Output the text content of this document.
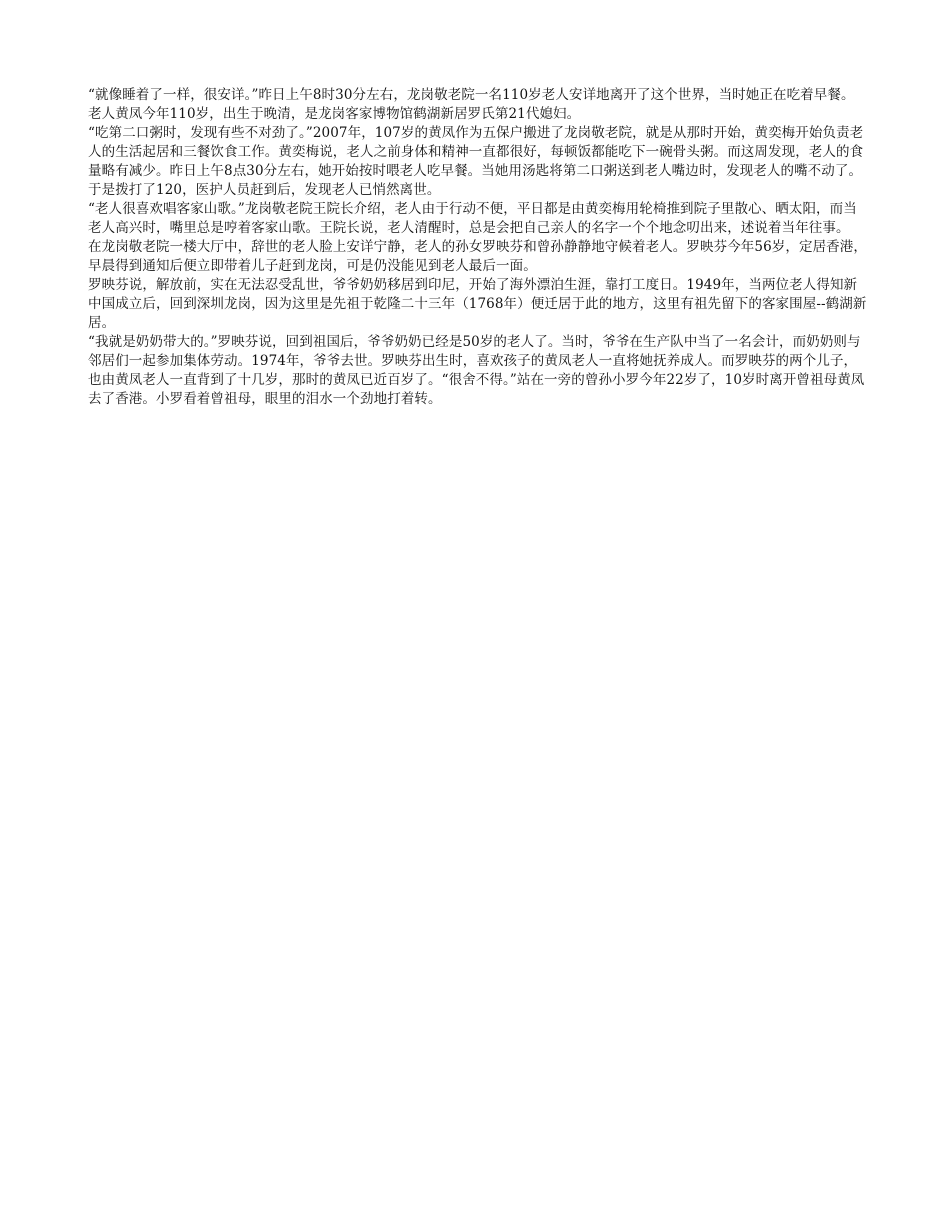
“就像睡着了一样，很安详。”昨日上午8时30分左右，龙岗敬老院一名110岁老人安详地离开了这个世界，当时她正在吃着早餐。老人黄凤今年110岁，出生于晚清，是龙岗客家博物馆鹤湖新居罗氏第21代媳妇。

“吃第二口粥时，发现有些不对劲了。”2007年，107岁的黄凤作为五保户搬进了龙岗敬老院，就是从那时开始，黄奕梅开始负责老人的生活起居和三餐饮食工作。黄奕梅说，老人之前身体和精神一直都很好，每顿饭都能吃下一碗骨头粥。而这周发现，老人的食量略有减少。昨日上午8点30分左右，她开始按时喂老人吃早餐。当她用汤匙将第二口粥送到老人嘴边时，发现老人的嘴不动了。于是拨打了120，医护人员赶到后，发现老人已悄然离世。

“老人很喜欢唱客家山歌。”龙岗敬老院王院长介绍，老人由于行动不便，平日都是由黄奕梅用轮椅推到院子里散心、晒太阳，而当老人高兴时，嘴里总是哼着客家山歌。王院长说，老人清醒时，总是会把自己亲人的名字一个个地念叨出来，述说着当年往事。

在龙岗敬老院一楼大厅中，辞世的老人脸上安详宁静，老人的孙女罗映芬和曾孙静静地守候着老人。罗映芬今年56岁，定居香港，早晨得到通知后便立即带着儿子赶到龙岗，可是仍没能见到老人最后一面。

罗映芬说，解放前，实在无法忍受乱世，爷爷奶奶移居到印尼，开始了海外漂泊生涯，靠打工度日。1949年，当两位老人得知新中国成立后，回到深圳龙岗，因为这里是先祖于乾隆二十三年（1768年）便迁居于此的地方，这里有祖先留下的客家围屋--鹤湖新居。

“我就是奶奶带大的。”罗映芬说，回到祖国后，爷爷奶奶已经是50岁的老人了。当时，爷爷在生产队中当了一名会计，而奶奶则与邻居们一起参加集体劳动。1974年，爷爷去世。罗映芬出生时，喜欢孩子的黄凤老人一直将她抚养成人。而罗映芬的两个儿子，也由黄凤老人一直背到了十几岁，那时的黄凤已近百岁了。“很舍不得。”站在一旁的曾孙小罗今年22岁了，10岁时离开曾祖母黄凤去了香港。小罗看着曾祖母，眼里的泪水一个劲地打着转。
